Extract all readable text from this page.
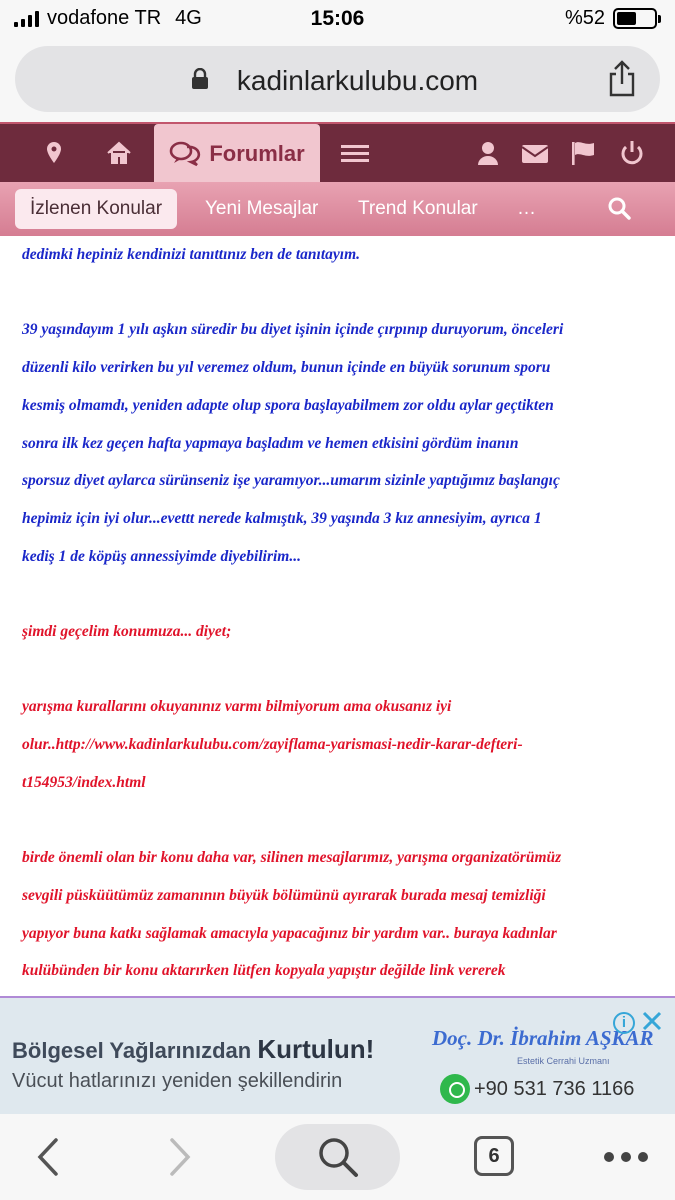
vodafone TR 4G	15:06	%52
kadinlarkulubu.com
Forumlar
İzlenen Konular	Yeni Mesajlar Trend Konular …

dedimki hepiniz kendinizi tanıttınız ben de tanıtayım.

39 yaşındayım 1 yılı aşkın süredir bu diyet işinin içinde çırpınıp duruyorum, önceleri

düzenli kilo verirken bu yıl veremez oldum, bunun içinde en büyük sorunum sporu

kesmiş olmamdı, yeniden adapte olup spora başlayabilmem zor oldu aylar geçtikten

sonra ilk kez geçen hafta yapmaya başladım ve hemen etkisini gördüm inanın

sporsuz diyet aylarca sürünseniz işe yaramıyor...umarım sizinle yaptığımız başlangıç

hepimiz için iyi olur...evettt nerede kalmıştık, 39 yaşında 3 kız annesiyim, ayrıca 1

kediş 1 de köpüş annessiyimde diyebilirim...

şimdi geçelim konumuza... diyet;

yarışma kurallarını okuyanınız varmı bilmiyorum ama okusanız iyi

olur..http://www.kadinlarkulubu.com/zayiflama-yarismasi-nedir-karar-defteri-

t154953/index.html

birde önemli olan bir konu daha var, silinen mesajlarımız, yarışma organizatörümüz

sevgili püsküütümüz zamanının büyük bölümünü ayırarak burada mesaj temizliği

yapıyor buna katkı sağlamak amacıyla yapacağınız bir yardım var.. buraya kadınlar

kulübünden bir konu aktarırken lütfen kopyala yapıştır değilde link vererek

Bölgesel Yağlarınızdan Kurtulun!
Vücut hatlarınızı yeniden şekillendirin
Doç. Dr. İbrahim AŞKAR
Estetik Cerrahi Uzmanı
+90 531 736 1166
i
6
